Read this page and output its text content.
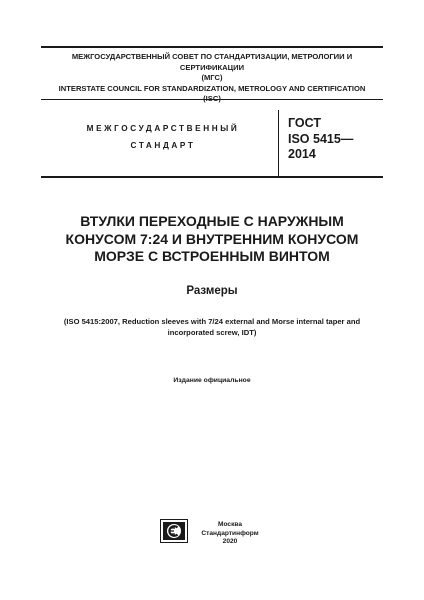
МЕЖГОСУДАРСТВЕННЫЙ СОВЕТ ПО СТАНДАРТИЗАЦИИ, МЕТРОЛОГИИ И СЕРТИФИКАЦИИ
(МГС)
INTERSTATE COUNCIL FOR STANDARDIZATION, METROLOGY AND CERTIFICATION
МЕЖГОСУДАРСТВЕННЫЙ
СТАНДАРТ
ГОСТ
ISO 5415—
2014
ВТУЛКИ ПЕРЕХОДНЫЕ С НАРУЖНЫМ
КОНУСОМ 7:24 И ВНУТРЕННИМ КОНУСОМ
МОРЗЕ С ВСТРОЕННЫМ ВИНТОМ
Размеры
(ISO 5415:2007, Reduction sleeves with 7/24 external and Morse internal taper and
incorporated screw, IDT)
Издание официальное
Москва
Стандартинформ
2020
